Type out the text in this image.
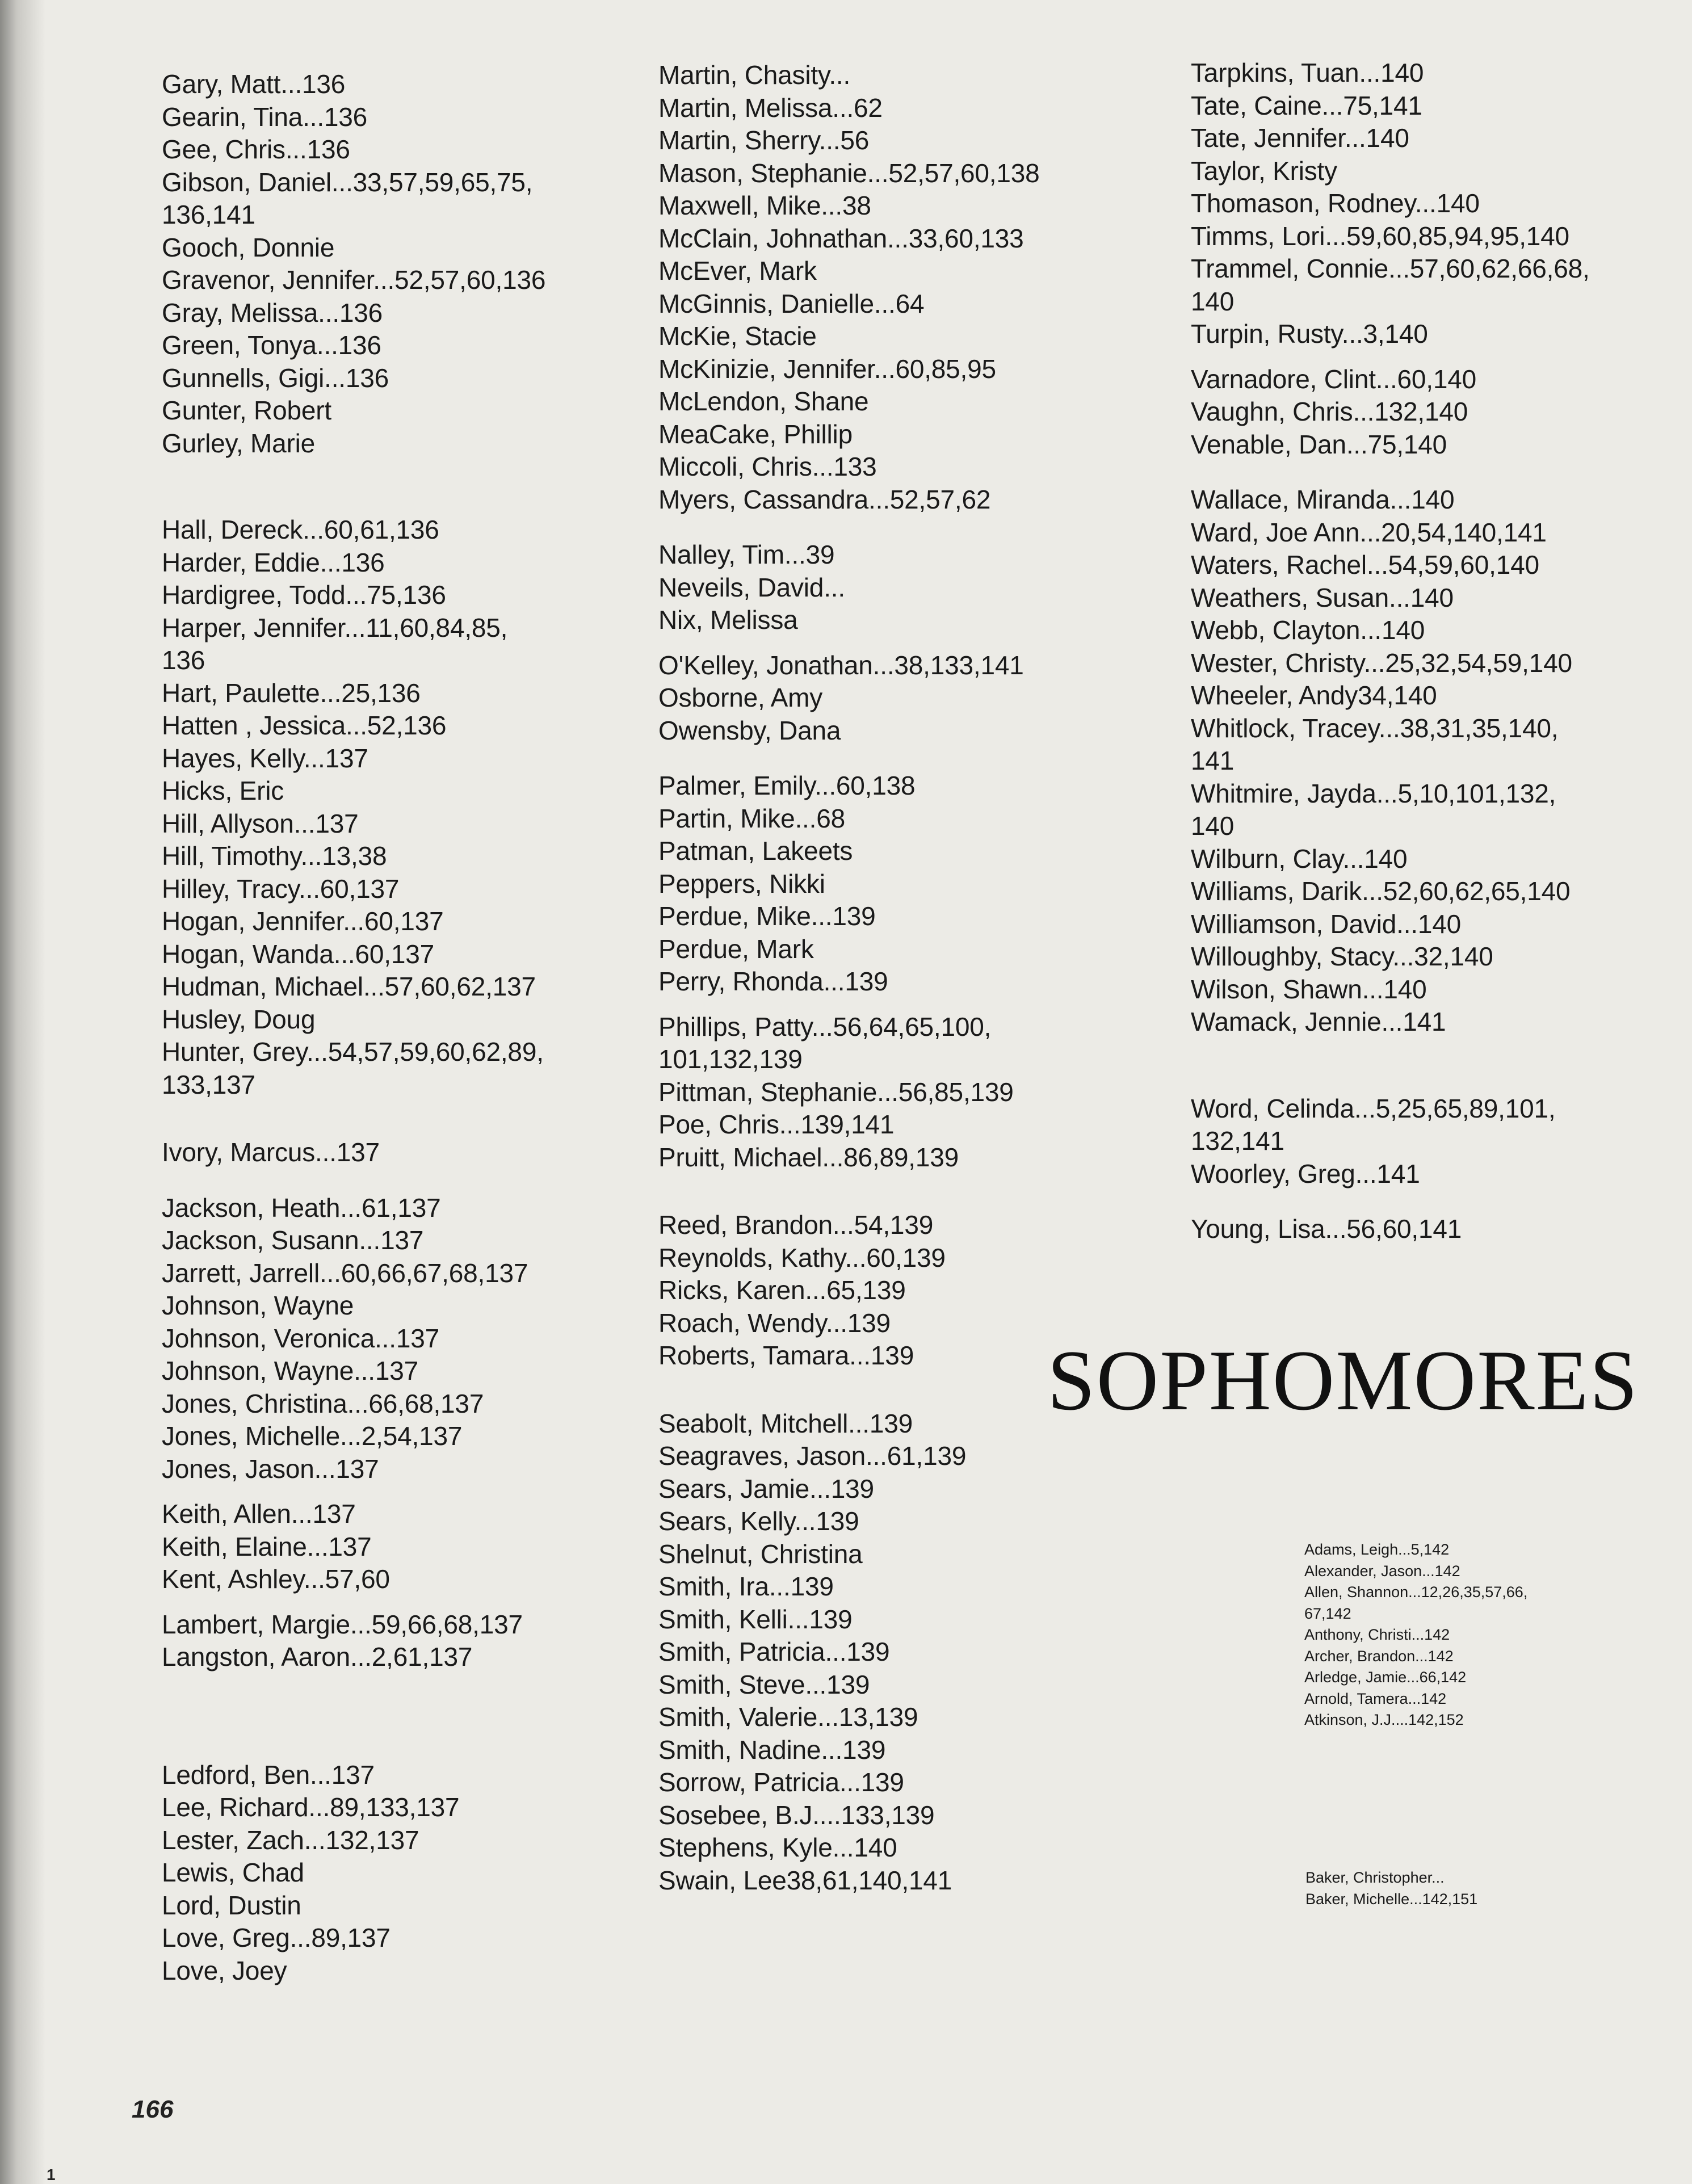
Gary, Matt...136
Gearin, Tina...136
Gee, Chris...136
Gibson, Daniel...33,57,59,65,75,
136,141
Gooch, Donnie
Gravenor, Jennifer...52,57,60,136
Gray, Melissa...136
Green, Tonya...136
Gunnells, Gigi...136
Gunter, Robert
Gurley, Marie
Hall, Dereck...60,61,136
Harder, Eddie...136
Hardigree, Todd...75,136
Harper, Jennifer...11,60,84,85,
136
Hart, Paulette...25,136
Hatten , Jessica...52,136
Hayes, Kelly...137
Hicks, Eric
Hill, Allyson...137
Hill, Timothy...13,38
Hilley, Tracy...60,137
Hogan, Jennifer...60,137
Hogan, Wanda...60,137
Hudman, Michael...57,60,62,137
Husley, Doug
Hunter, Grey...54,57,59,60,62,89,
133,137
Ivory, Marcus...137
Jackson, Heath...61,137
Jackson, Susann...137
Jarrett, Jarrell...60,66,67,68,137
Johnson, Wayne
Johnson, Veronica...137
Johnson, Wayne...137
Jones, Christina...66,68,137
Jones, Michelle...2,54,137
Jones, Jason...137
Keith, Allen...137
Keith, Elaine...137
Kent, Ashley...57,60
Lambert, Margie...59,66,68,137
Langston, Aaron...2,61,137
Ledford, Ben...137
Lee, Richard...89,133,137
Lester, Zach...132,137
Lewis, Chad
Lord, Dustin
Love, Greg...89,137
Love, Joey
Martin, Chasity...
Martin, Melissa...62
Martin, Sherry...56
Mason, Stephanie...52,57,60,138
Maxwell, Mike...38
McClain, Johnathan...33,60,133
McEver, Mark
McGinnis, Danielle...64
McKie, Stacie
McKinizie, Jennifer...60,85,95
McLendon, Shane
MeaCake, Phillip
Miccoli, Chris...133
Myers, Cassandra...52,57,62
Nalley, Tim...39
Neveils, David...
Nix, Melissa
O'Kelley, Jonathan...38,133,141
Osborne, Amy
Owensby, Dana
Palmer, Emily...60,138
Partin, Mike...68
Patman, Lakeets
Peppers, Nikki
Perdue, Mike...139
Perdue, Mark
Perry, Rhonda...139
Phillips, Patty...56,64,65,100,
101,132,139
Pittman, Stephanie...56,85,139
Poe, Chris...139,141
Pruitt, Michael...86,89,139
Reed, Brandon...54,139
Reynolds, Kathy...60,139
Ricks, Karen...65,139
Roach, Wendy...139
Roberts, Tamara...139
Seabolt, Mitchell...139
Seagraves, Jason...61,139
Sears, Jamie...139
Sears, Kelly...139
Shelnut, Christina
Smith, Ira...139
Smith, Kelli...139
Smith, Patricia...139
Smith, Steve...139
Smith, Valerie...13,139
Smith, Nadine...139
Sorrow, Patricia...139
Sosebee, B.J....133,139
Stephens, Kyle...140
Swain, Lee38,61,140,141
Tarpkins, Tuan...140
Tate, Caine...75,141
Tate, Jennifer...140
Taylor, Kristy
Thomason, Rodney...140
Timms, Lori...59,60,85,94,95,140
Trammel, Connie...57,60,62,66,68,
140
Turpin, Rusty...3,140
Varnadore, Clint...60,140
Vaughn, Chris...132,140
Venable, Dan...75,140
Wallace, Miranda...140
Ward, Joe Ann...20,54,140,141
Waters, Rachel...54,59,60,140
Weathers, Susan...140
Webb, Clayton...140
Wester, Christy...25,32,54,59,140
Wheeler, Andy34,140
Whitlock, Tracey...38,31,35,140,
141
Whitmire, Jayda...5,10,101,132,
140
Wilburn, Clay...140
Williams, Darik...52,60,62,65,140
Williamson, David...140
Willoughby, Stacy...32,140
Wilson, Shawn...140
Wamack, Jennie...141
Word, Celinda...5,25,65,89,101,
132,141
Woorley, Greg...141
Young, Lisa...56,60,141
SOPHOMORES
Adams, Leigh...5,142
Alexander, Jason...142
Allen, Shannon...12,26,35,57,66,
67,142
Anthony, Christi...142
Archer, Brandon...142
Arledge, Jamie...66,142
Arnold, Tamera...142
Atkinson, J.J....142,152
Baker, Christopher...
Baker, Michelle...142,151
166
1
